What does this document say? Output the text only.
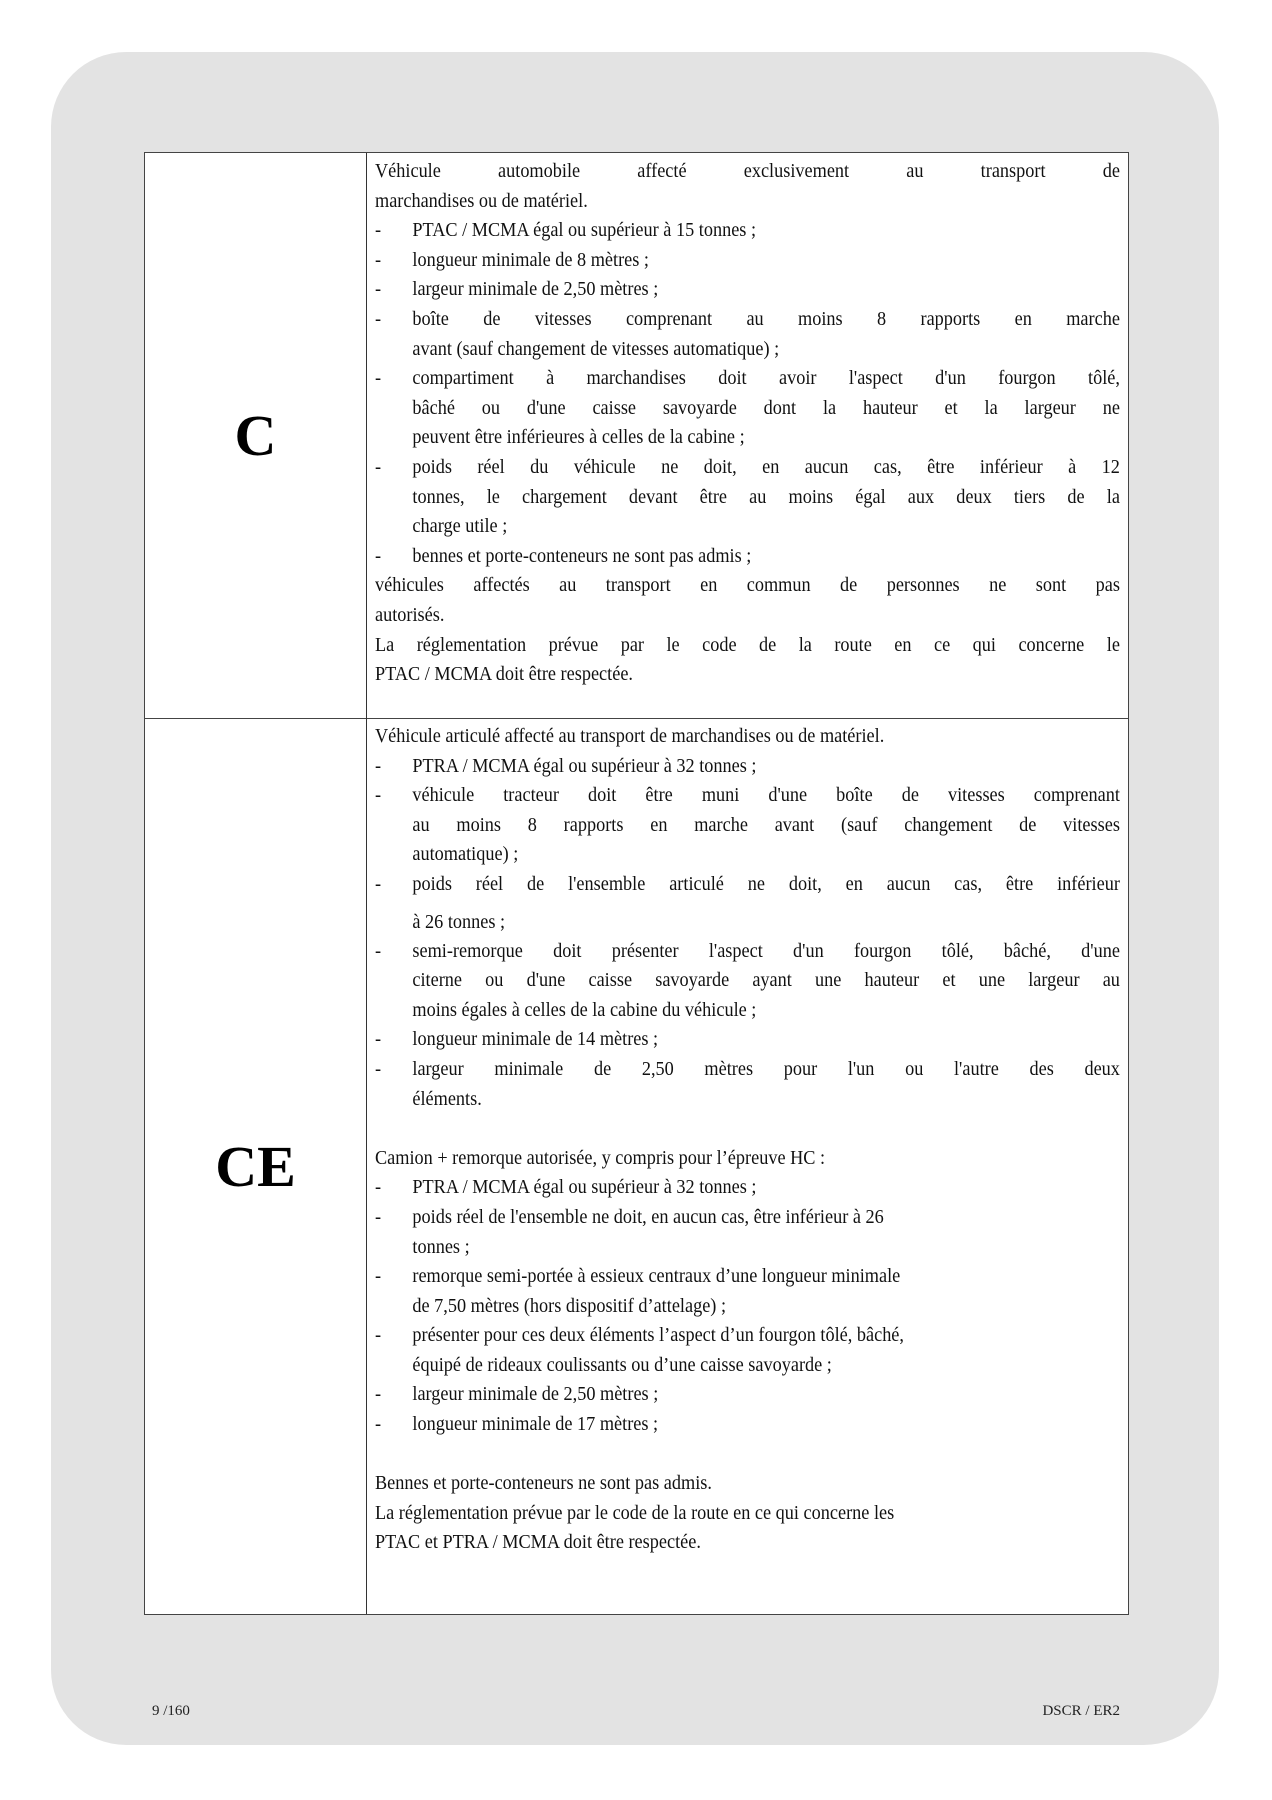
C
Véhicule automobile affecté exclusivement au transport de
marchandises ou de matériel.
- PTAC / MCMA égal ou supérieur à 15 tonnes ;
- longueur minimale de 8 mètres ;
- largeur minimale de 2,50 mètres ;
- boîte de vitesses comprenant au moins 8 rapports en marche
avant (sauf changement de vitesses automatique) ;
- compartiment à marchandises doit avoir l'aspect d'un fourgon tôlé,
bâché ou d'une caisse savoyarde dont la hauteur et la largeur ne
peuvent être inférieures à celles de la cabine ;
- poids réel du véhicule ne doit, en aucun cas, être inférieur à 12
tonnes, le chargement devant être au moins égal aux deux tiers de la
charge utile ;
- bennes et porte-conteneurs ne sont pas admis ;
véhicules affectés au transport en commun de personnes ne sont pas
autorisés.
La réglementation prévue par le code de la route en ce qui concerne le
PTAC / MCMA doit être respectée.
CE
Véhicule articulé affecté au transport de marchandises ou de matériel.
- PTRA / MCMA égal ou supérieur à 32 tonnes ;
- véhicule tracteur doit être muni d'une boîte de vitesses comprenant
au moins 8 rapports en marche avant (sauf changement de vitesses
automatique) ;
- poids réel de l'ensemble articulé ne doit, en aucun cas, être inférieur
à 26 tonnes ;
- semi-remorque doit présenter l'aspect d'un fourgon tôlé, bâché, d'une
citerne ou d'une caisse savoyarde ayant une hauteur et une largeur au
moins égales à celles de la cabine du véhicule ;
- longueur minimale de 14 mètres ;
- largeur minimale de 2,50 mètres pour l'un ou l'autre des deux
éléments.
Camion + remorque autorisée, y compris pour l’épreuve HC :
- PTRA / MCMA égal ou supérieur à 32 tonnes ;
- poids réel de l'ensemble ne doit, en aucun cas, être inférieur à 26
tonnes ;
- remorque semi-portée à essieux centraux d’une longueur minimale
de 7,50 mètres (hors dispositif d’attelage) ;
- présenter pour ces deux éléments l’aspect d’un fourgon tôlé, bâché,
équipé de rideaux coulissants ou d’une caisse savoyarde ;
- largeur minimale de 2,50 mètres ;
- longueur minimale de 17 mètres ;
Bennes et porte-conteneurs ne sont pas admis.
La réglementation prévue par le code de la route en ce qui concerne les
PTAC et PTRA / MCMA doit être respectée.
9 /160	DSCR / ER2
